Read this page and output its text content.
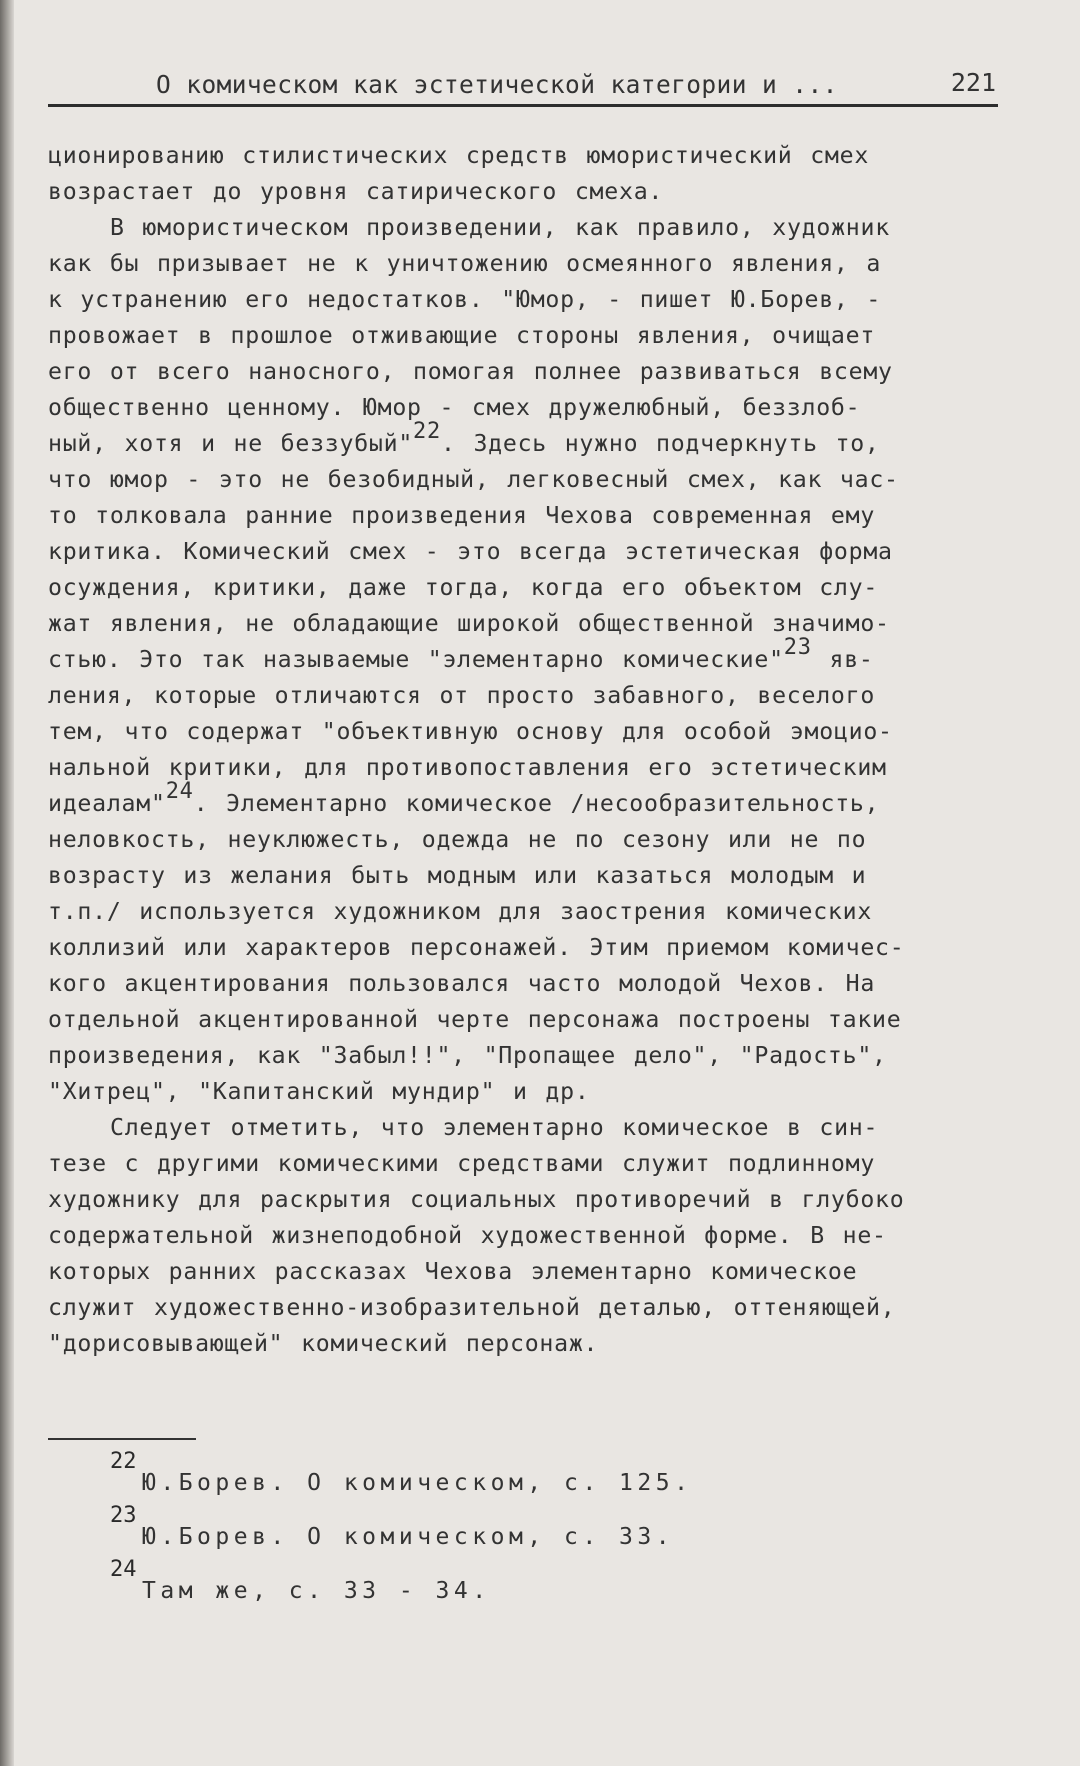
О комическом как эстетической категории и ...	221
ционированию стилистических средств юмористический смех
возрастает до уровня сатирического смеха.
В юмористическом произведении, как правило, художник
как бы призывает не к уничтожению осмеянного явления, а
к устранению его недостатков. "Юмор, - пишет Ю.Борев, -
провожает в прошлое отживающие стороны явления, очищает
его от всего наносного, помогая полнее развиваться всему
общественно ценному. Юмор - смех дружелюбный, беззлоб-
ный, хотя и не беззубый"$^{22}$. Здесь нужно подчеркнуть то,
что юмор - это не безобидный, легковесный смех, как час-
то толковала ранние произведения Чехова современная ему
критика. Комический смех - это всегда эстетическая форма
осуждения, критики, даже тогда, когда его объектом слу-
жат явления, не обладающие широкой общественной значимо-
стью. Это так называемые "элементарно комические"$^{23}$ яв-
ления, которые отличаются от просто забавного, веселого
тем, что содержат "объективную основу для особой эмоцио-
нальной критики, для противопоставления его эстетическим
идеалам"$^{24}$. Элементарно комическое /несообразительность,
неловкость, неуклюжесть, одежда не по сезону или не по
возрасту из желания быть модным или казаться молодым и
т.п./ используется художником для заострения комических
коллизий или характеров персонажей. Этим приемом комичес-
кого акцентирования пользовался часто молодой Чехов. На
отдельной акцентированной черте персонажа построены такие
произведения, как "Забыл!!", "Пропащее дело", "Радость",
"Хитрец", "Капитанский мундир" и др.
Следует отметить, что элементарно комическое в син-
тезе с другими комическими средствами служит подлинному
художнику для раскрытия социальных противоречий в глубоко
содержательной жизнеподобной художественной форме. В не-
которых ранних рассказах Чехова элементарно комическое
служит художественно-изобразительной деталью, оттеняющей,
"дорисовывающей" комический персонаж.
22
Ю.Борев. О комическом, с. 125.
23
Ю.Борев. О комическом, с. 33.
24
Там же, с. 33 - 34.
